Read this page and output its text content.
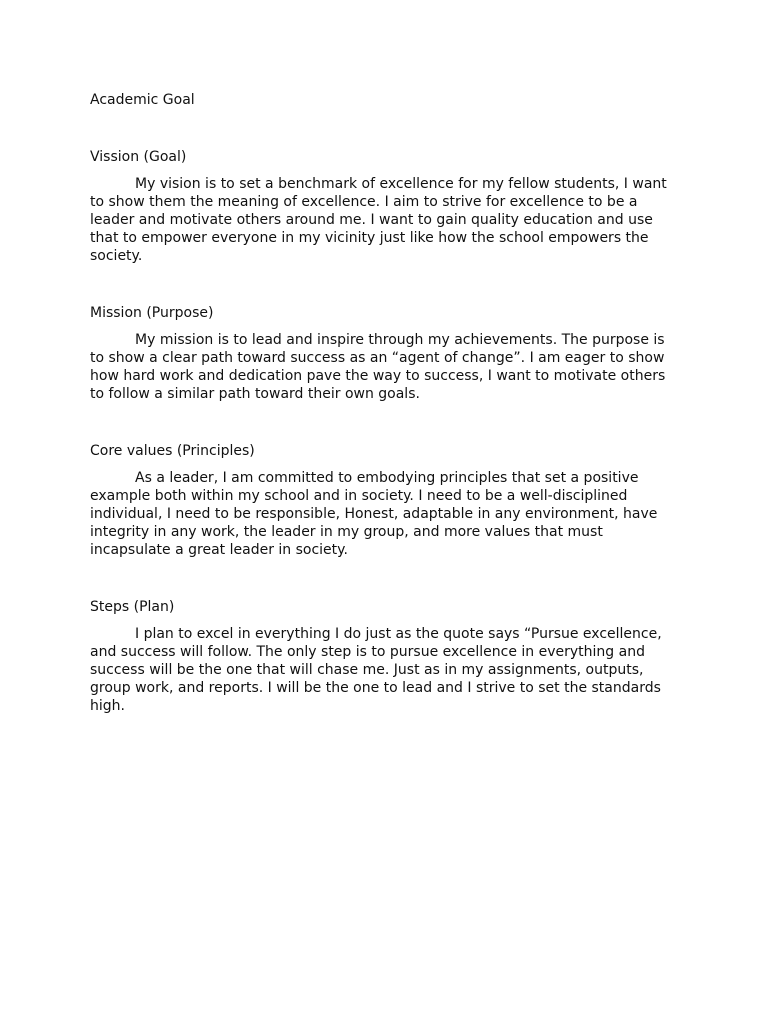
Academic Goal
Vission (Goal)

My vision is to set a benchmark of excellence for my fellow students, I want to show them the meaning of excellence. I aim to strive for excellence to be a leader and motivate others around me. I want to gain quality education and use that to empower everyone in my vicinity just like how the school empowers the society.

Mission (Purpose)

My mission is to lead and inspire through my achievements. The purpose is to show a clear path toward success as an “agent of change”. I am eager to show how hard work and dedication pave the way to success, I want to motivate others to follow a similar path toward their own goals.

Core values (Principles)

As a leader, I am committed to embodying principles that set a positive example both within my school and in society. I need to be a well-disciplined individual, I need to be responsible, Honest, adaptable in any environment, have integrity in any work, the leader in my group, and more values that must incapsulate a great leader in society.

Steps (Plan)

I plan to excel in everything I do just as the quote says “Pursue excellence, and success will follow. The only step is to pursue excellence in everything and success will be the one that will chase me. Just as in my assignments, outputs, group work, and reports. I will be the one to lead and I strive to set the standards high.
